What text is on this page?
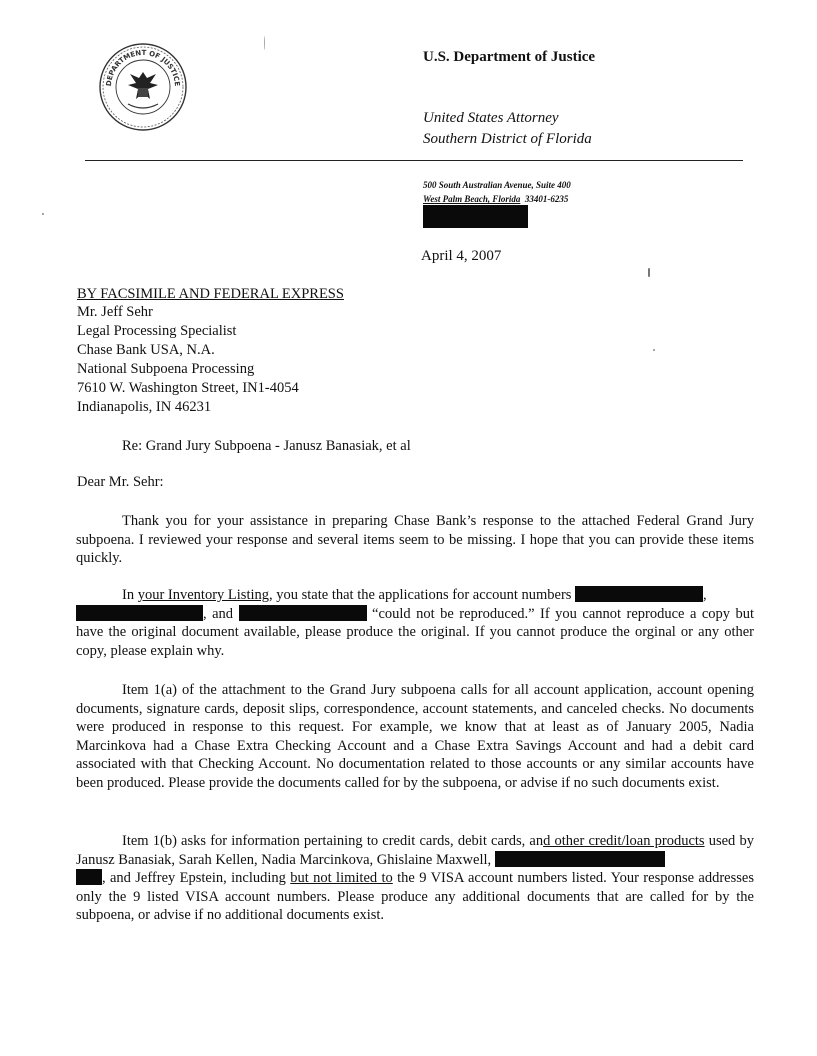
DEPARTMENT OF JUSTICE
U.S. Department of Justice
United States Attorney
Southern District of Florida
500 South Australian Avenue, Suite 400
West Palm Beach, Florida 33401-6235
April 4, 2007
BY FACSIMILE AND FEDERAL EXPRESS
Mr. Jeff Sehr
Legal Processing Specialist
Chase Bank USA, N.A.
National Subpoena Processing
7610 W. Washington Street, IN1-4054
Indianapolis, IN 46231
Re: Grand Jury Subpoena - Janusz Banasiak, et al
Dear Mr. Sehr:
Thank you for your assistance in preparing Chase Bank’s response to the attached Federal Grand Jury subpoena. I reviewed your response and several items seem to be missing. I hope that you can provide these items quickly.
In your Inventory Listing, you state that the applications for account numbers	,
, and	“could not be reproduced.” If you cannot reproduce a copy but have the original document available, please produce the original. If you cannot produce the orginal or any other copy, please explain why.
Item 1(a) of the attachment to the Grand Jury subpoena calls for all account application, account opening documents, signature cards, deposit slips, correspondence, account statements, and canceled checks. No documents were produced in response to this request. For example, we know that at least as of January 2005, Nadia Marcinkova had a Chase Extra Checking Account and a Chase Extra Savings Account and had a debit card associated with that Checking Account. No documentation related to those accounts or any similar accounts have been produced. Please provide the documents called for by the subpoena, or advise if no such documents exist.
Item 1(b) asks for information pertaining to credit cards, debit cards, and other credit/loan products used by Janusz Banasiak, Sarah Kellen, Nadia Marcinkova, Ghislaine Maxwell,
, and Jeffrey Epstein, including but not limited to the 9 VISA account numbers listed. Your response addresses only the 9 listed VISA account numbers. Please produce any additional documents that are called for by the subpoena, or advise if no additional documents exist.
